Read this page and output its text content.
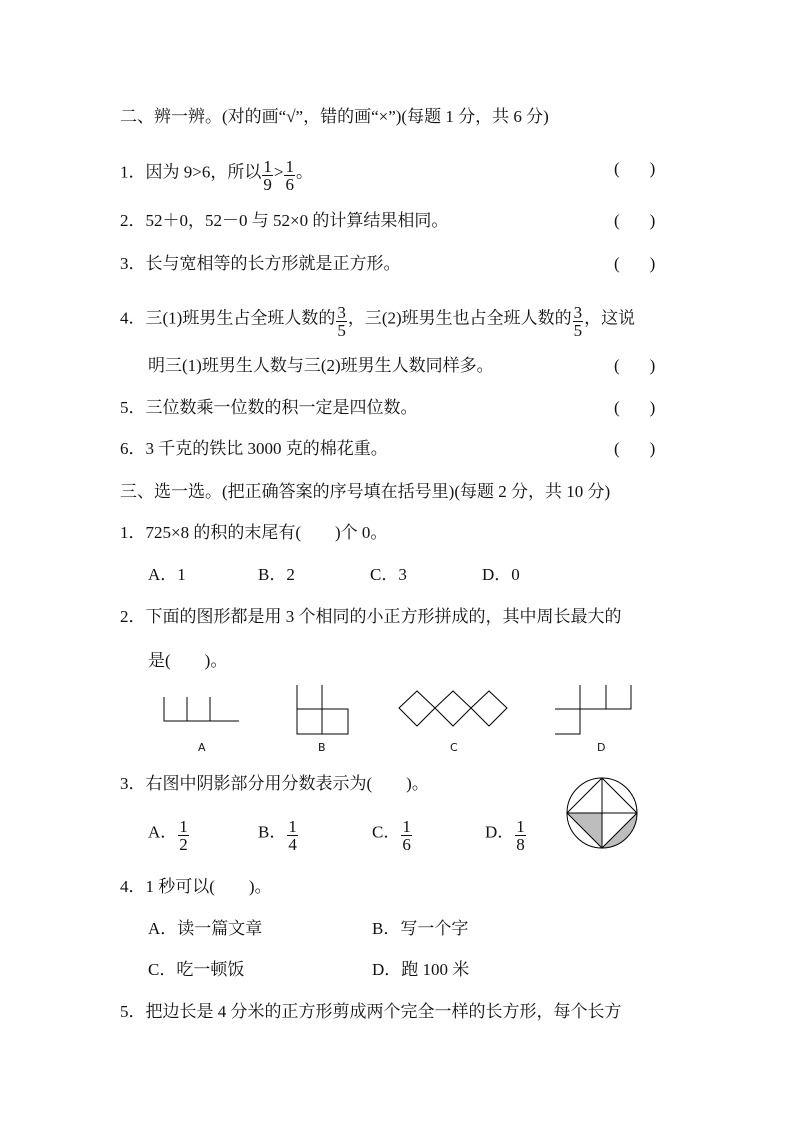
二、辨一辨。(对的画“√”，错的画“×”)(每题 1 分，共 6 分)
1．因为 9>6，所以 $\frac{1}{9} > \frac{1}{6}$ 。	( )
2．52＋0，52－0 与 52×0 的计算结果相同。	( )
3．长与宽相等的长方形就是正方形。	( )
4．三(1)班男生占全班人数的 $\frac{3}{5}$ ，三(2)班男生也占全班人数的 $\frac{3}{5}$ ，这说
明三(1)班男生人数与三(2)班男生人数同样多。	( )
5．三位数乘一位数的积一定是四位数。	( )
6．3 千克的铁比 3000 克的棉花重。	( )
三、选一选。(把正确答案的序号填在括号里)(每题 2 分，共 10 分)
1．725×8 的积的末尾有( )个 0。
A．1	B．2	C．3	D．0
2．下面的图形都是用 3 个相同的小正方形拼成的，其中周长最大的
是( )。
A	B	C	D
3．右图中阴影部分用分数表示为( )。
A． $\frac{1}{2}$	B． $\frac{1}{4}$	C． $\frac{1}{6}$	D． $\frac{1}{8}$
4．1 秒可以( )。
A．读一篇文章	B．写一个字
C．吃一顿饭	D．跑 100 米
5．把边长是 4 分米的正方形剪成两个完全一样的长方形，每个长方
